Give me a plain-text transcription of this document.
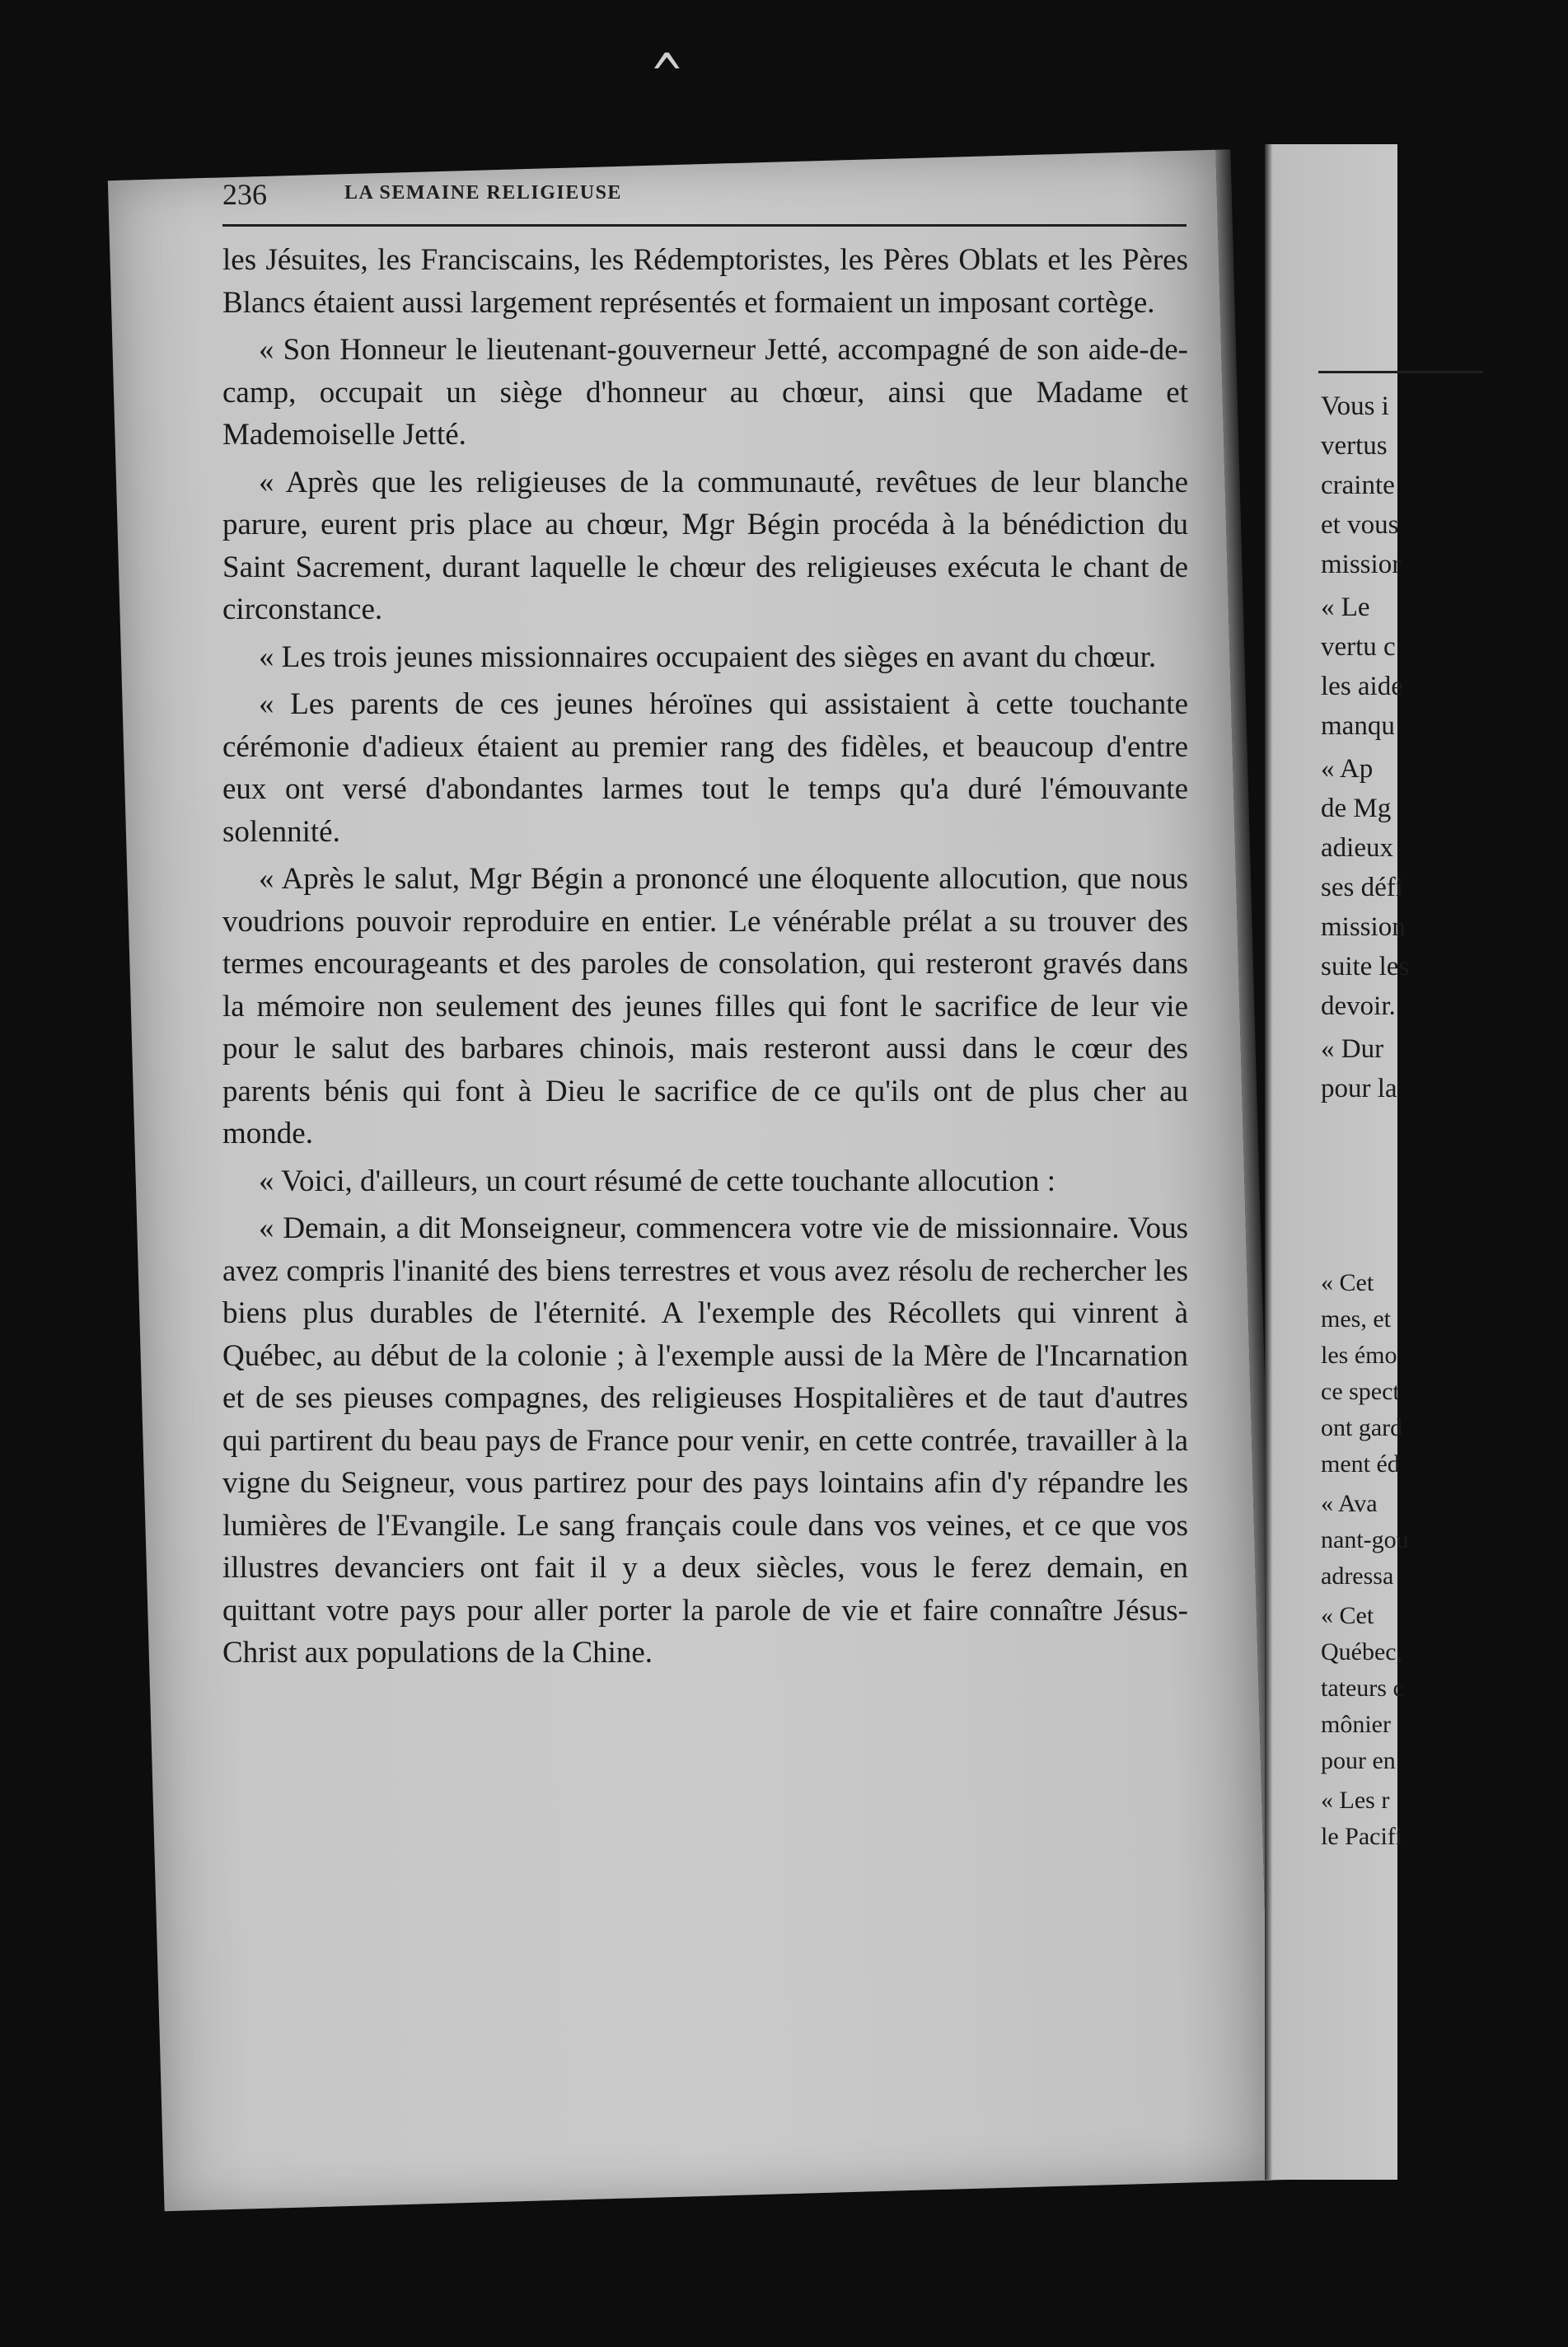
^
236	LA SEMAINE RELIGIEUSE

les Jésuites, les Franciscains, les Rédemptoristes, les Pères Oblats et les Pères Blancs étaient aussi largement représentés et formaient un imposant cortège.

« Son Honneur le lieutenant-gouverneur Jetté, accompagné de son aide-de-camp, occupait un siège d'honneur au chœur, ainsi que Madame et Mademoiselle Jetté.

« Après que les religieuses de la communauté, revêtues de leur blanche parure, eurent pris place au chœur, Mgr Bégin procéda à la bénédiction du Saint Sacrement, durant laquelle le chœur des religieuses exécuta le chant de circonstance.

« Les trois jeunes missionnaires occupaient des sièges en avant du chœur.

« Les parents de ces jeunes héroïnes qui assistaient à cette touchante cérémonie d'adieux étaient au premier rang des fidèles, et beaucoup d'entre eux ont versé d'abondantes larmes tout le temps qu'a duré l'émouvante solennité.

« Après le salut, Mgr Bégin a prononcé une éloquente allocution, que nous voudrions pouvoir reproduire en entier. Le vénérable prélat a su trouver des termes encourageants et des paroles de consolation, qui resteront gravés dans la mémoire non seulement des jeunes filles qui font le sacrifice de leur vie pour le salut des barbares chinois, mais resteront aussi dans le cœur des parents bénis qui font à Dieu le sacrifice de ce qu'ils ont de plus cher au monde.

« Voici, d'ailleurs, un court résumé de cette touchante allocution :

« Demain, a dit Monseigneur, commencera votre vie de missionnaire. Vous avez compris l'inanité des biens terrestres et vous avez résolu de rechercher les biens plus durables de l'éternité. A l'exemple des Récollets qui vinrent à Québec, au début de la colonie ; à l'exemple aussi de la Mère de l'Incarnation et de ses pieuses compagnes, des religieuses Hospitalières et de taut d'autres qui partirent du beau pays de France pour venir, en cette contrée, travailler à la vigne du Seigneur, vous partirez pour des pays lointains afin d'y répandre les lumières de l'Evangile. Le sang français coule dans vos veines, et ce que vos illustres devanciers ont fait il y a deux siècles, vous le ferez demain, en quittant votre pays pour aller porter la parole de vie et faire connaître Jésus-Christ aux populations de la Chine.

Vous i
vertus
crainte
et vous
missior
« Le
vertu c
les aide
manqu
« Ap
de Mg
adieux
ses défi
mission
suite les
devoir.
« Dur
pour la
« Cet
mes, et
les émo
ce spect
ont gard
ment éd
« Ava
nant-gou
adressa
« Cet
Québec,
tateurs c
mônier
pour en
« Les r
le Pacifi
